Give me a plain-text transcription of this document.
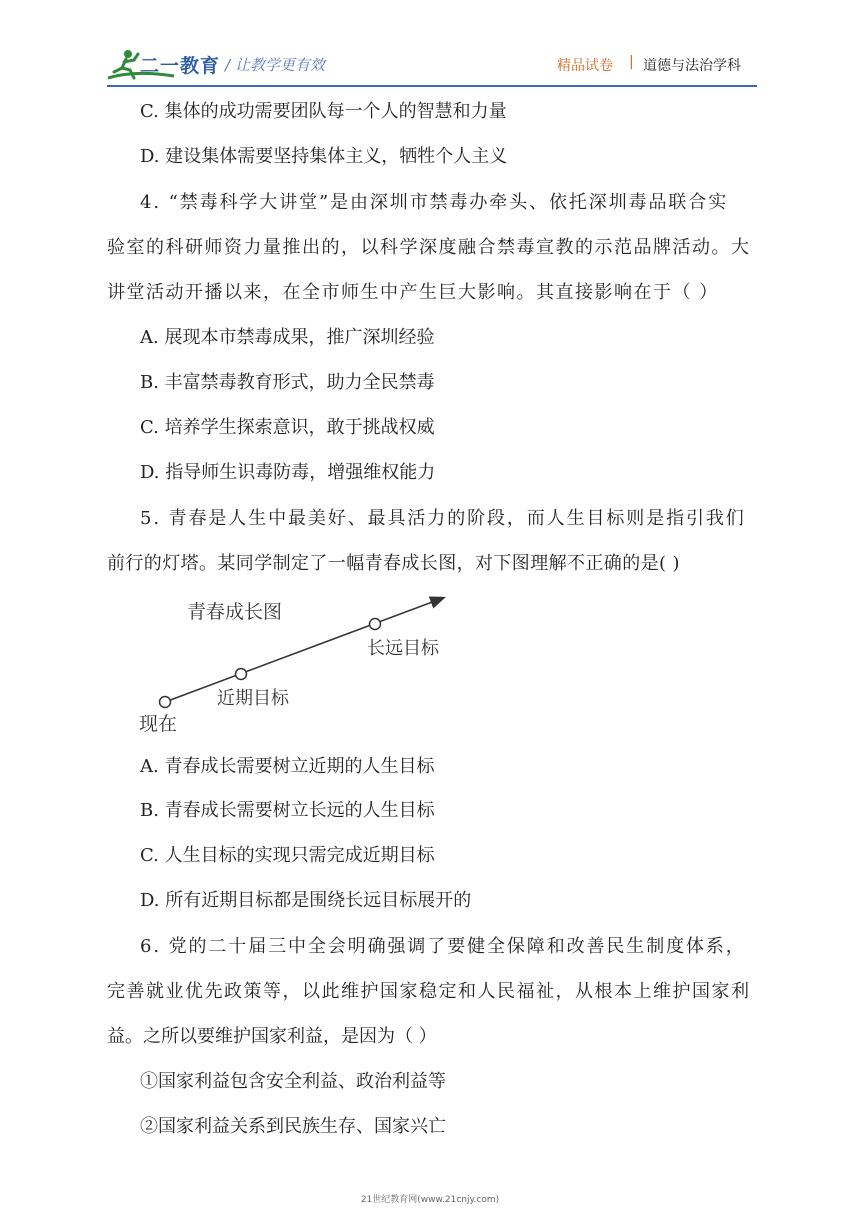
二一教育 / 让教学更有效	精品试卷 | 道德与法治学科
C. 集体的成功需要团队每一个人的智慧和力量
D. 建设集体需要坚持集体主义，牺牲个人主义
4. “禁毒科学大讲堂”是由深圳市禁毒办牵头、依托深圳毒品联合实
验室的科研师资力量推出的，以科学深度融合禁毒宣教的示范品牌活动。大
讲堂活动开播以来，在全市师生中产生巨大影响。其直接影响在于（ ）
A. 展现本市禁毒成果，推广深圳经验
B. 丰富禁毒教育形式，助力全民禁毒
C. 培养学生探索意识，敢于挑战权威
D. 指导师生识毒防毒，增强维权能力
5. 青春是人生中最美好、最具活力的阶段，而人生目标则是指引我们
前行的灯塔。某同学制定了一幅青春成长图，对下图理解不正确的是( )
青春成长图
长远目标
近期目标
现在
A. 青春成长需要树立近期的人生目标
B. 青春成长需要树立长远的人生目标
C. 人生目标的实现只需完成近期目标
D. 所有近期目标都是围绕长远目标展开的
6. 党的二十届三中全会明确强调了要健全保障和改善民生制度体系，
完善就业优先政策等，以此维护国家稳定和人民福祉，从根本上维护国家利
益。之所以要维护国家利益，是因为（ ）
①国家利益包含安全利益、政治利益等
②国家利益关系到民族生存、国家兴亡
21世纪教育网(www.21cnjy.com)
